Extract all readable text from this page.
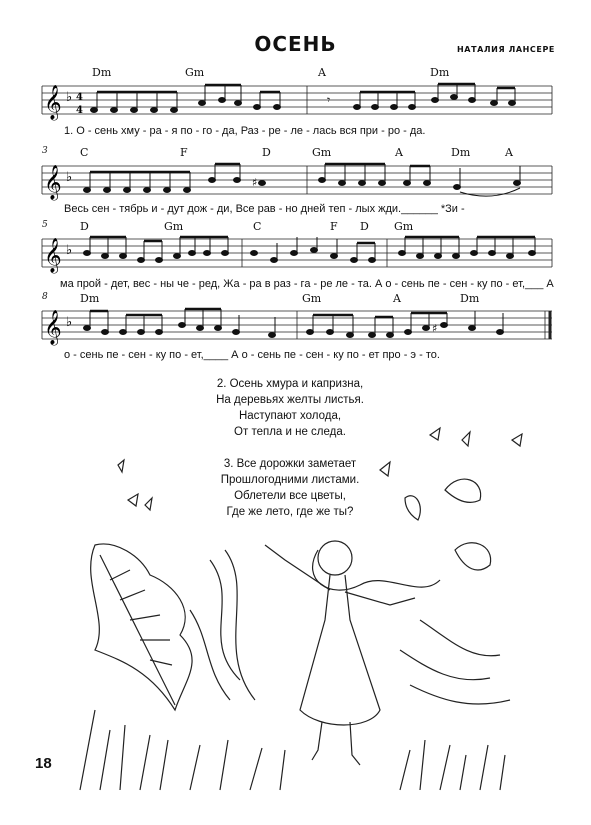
ОСЕНЬ	НАТАЛИЯ ЛАНСЕРЕ
Dm	Gm	A	Dm
𝄞 ♭ 4
4
𝄾
1. О - сень хму - ра - я по - го - да, Раз - ре - ле - лась вся при - ро - да.
3	C	F	D	Gm	A	Dm	A
𝄞 ♭	♯
Весь сен - тябрь и - дут дож - ди, Все рав - но дней теп - лых жди.______ *Зи -
5	D	Gm	C	F D Gm
𝄞 ♭
ма прой - дет, вес - ны че - ред, Жа - ра в раз - га - ре ле - та. А о - сень пе - сен - ку по - ет,___ А
8	Dm	Gm	A	Dm
𝄞 ♭	♯
о - сень пе - сен - ку по - ет,____ А о - сень пе - сен - ку по - ет про - э - то.

2. Осень хмура и капризна,
На деревьях желты листья.
Наступают холода,
От тепла и не следа.

3. Все дорожки заметает
Прошлогодними листами.
Облетели все цветы,
Где же лето, где же ты?

18
